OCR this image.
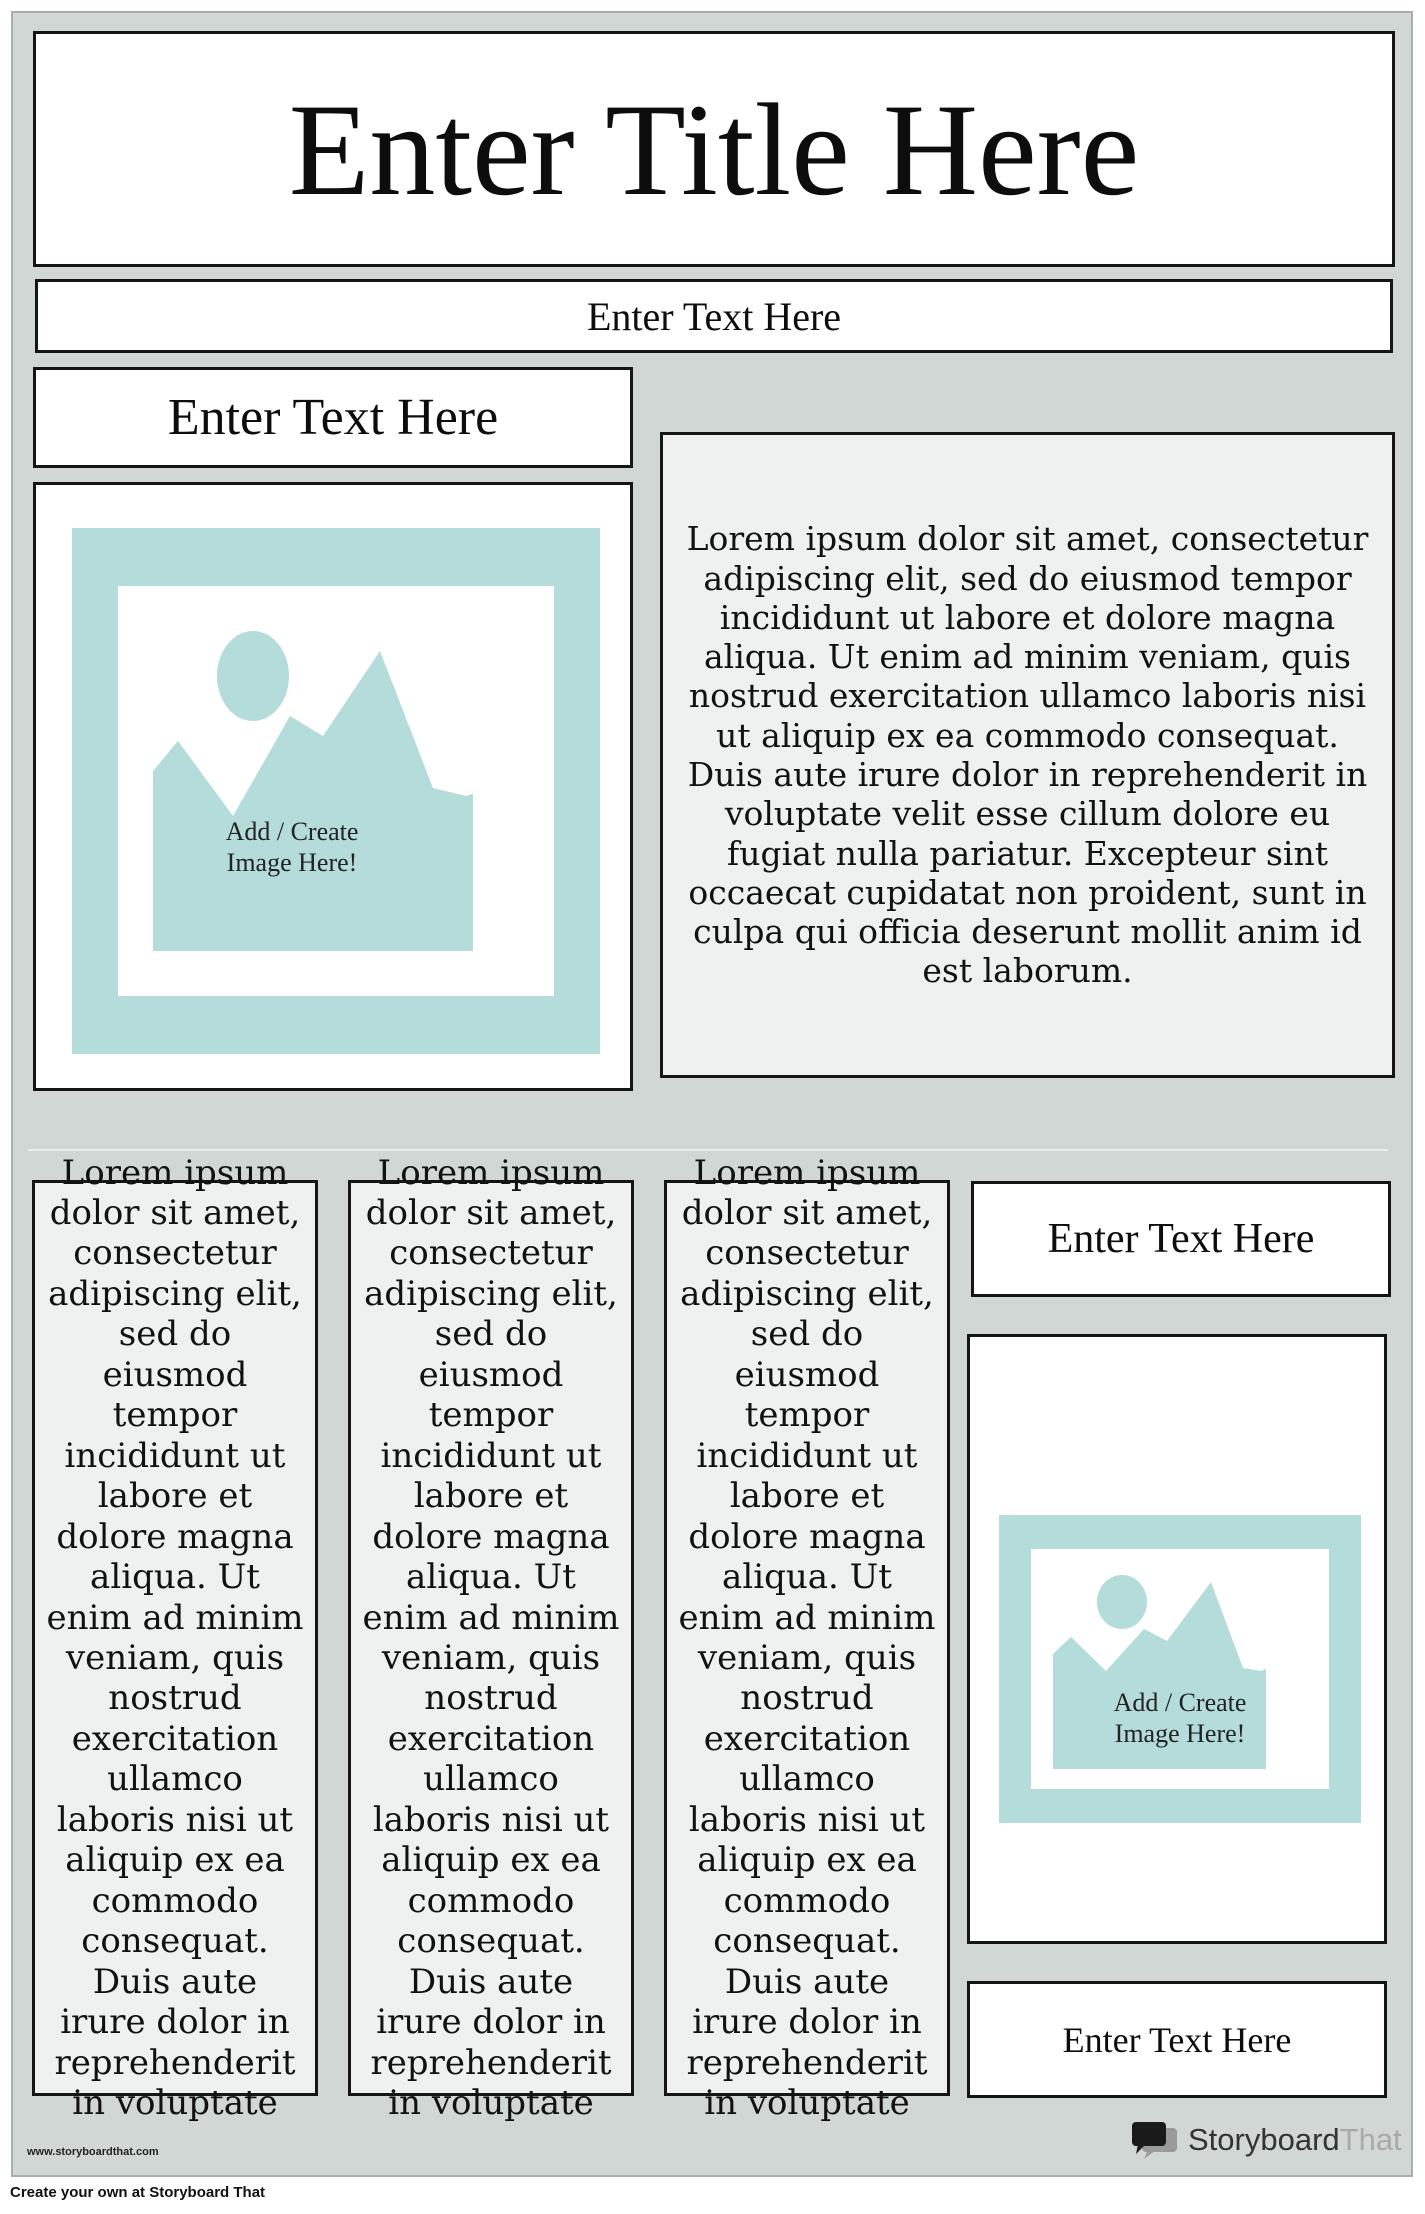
Enter Title Here
Enter Text Here
Enter Text Here
Add / Create
Image Here!
Lorem ipsum dolor sit amet, consectetur adipiscing elit, sed do eiusmod tempor incididunt ut labore et dolore magna aliqua. Ut enim ad minim veniam, quis nostrud exercitation ullamco laboris nisi ut aliquip ex ea commodo consequat. Duis aute irure dolor in reprehenderit in voluptate velit esse cillum dolore eu fugiat nulla pariatur. Excepteur sint occaecat cupidatat non proident, sunt in culpa qui officia deserunt mollit anim id est laborum.
Lorem ipsum dolor sit amet, consectetur adipiscing elit, sed do eiusmod tempor incididunt ut labore et dolore magna aliqua. Ut enim ad minim veniam, quis nostrud exercitation ullamco laboris nisi ut aliquip ex ea commodo consequat. Duis aute irure dolor in reprehenderit in voluptate
Lorem ipsum dolor sit amet, consectetur adipiscing elit, sed do eiusmod tempor incididunt ut labore et dolore magna aliqua. Ut enim ad minim veniam, quis nostrud exercitation ullamco laboris nisi ut aliquip ex ea commodo consequat. Duis aute irure dolor in reprehenderit in voluptate
Lorem ipsum dolor sit amet, consectetur adipiscing elit, sed do eiusmod tempor incididunt ut labore et dolore magna aliqua. Ut enim ad minim veniam, quis nostrud exercitation ullamco laboris nisi ut aliquip ex ea commodo consequat. Duis aute irure dolor in reprehenderit in voluptate
Enter Text Here
Add / Create
Image Here!
Enter Text Here
www.storyboardthat.com	StoryboardThat
Create your own at Storyboard That
